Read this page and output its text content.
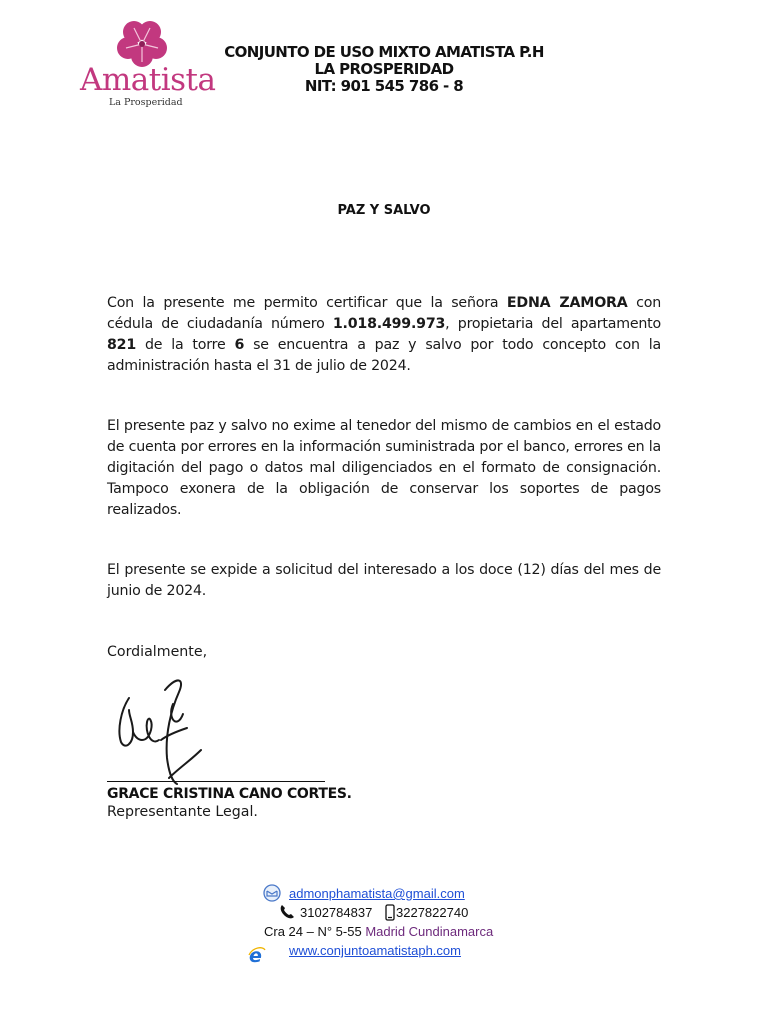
Amatista
La Prosperidad
CONJUNTO DE USO MIXTO AMATISTA P.H
LA PROSPERIDAD
NIT: 901 545 786 - 8
PAZ Y SALVO
Con la presente me permito certificar que la señora EDNA ZAMORA con cédula de ciudadanía número 1.018.499.973, propietaria del apartamento 821 de la torre 6 se encuentra a paz y salvo por todo concepto con la administración hasta el 31 de julio de 2024.
El presente paz y salvo no exime al tenedor del mismo de cambios en el estado de cuenta por errores en la información suministrada por el banco, errores en la digitación del pago o datos mal diligenciados en el formato de consignación. Tampoco exonera de la obligación de conservar los soportes de pagos realizados.
El presente se expide a solicitud del interesado a los doce (12) días del mes de junio de 2024.
Cordialmente,
GRACE CRISTINA CANO CORTES.
Representante Legal.
admonphamatista@gmail.com
3102784837 3227822740
Cra 24 – N° 5-55 Madrid Cundinamarca
e www.conjuntoamatistaph.com
